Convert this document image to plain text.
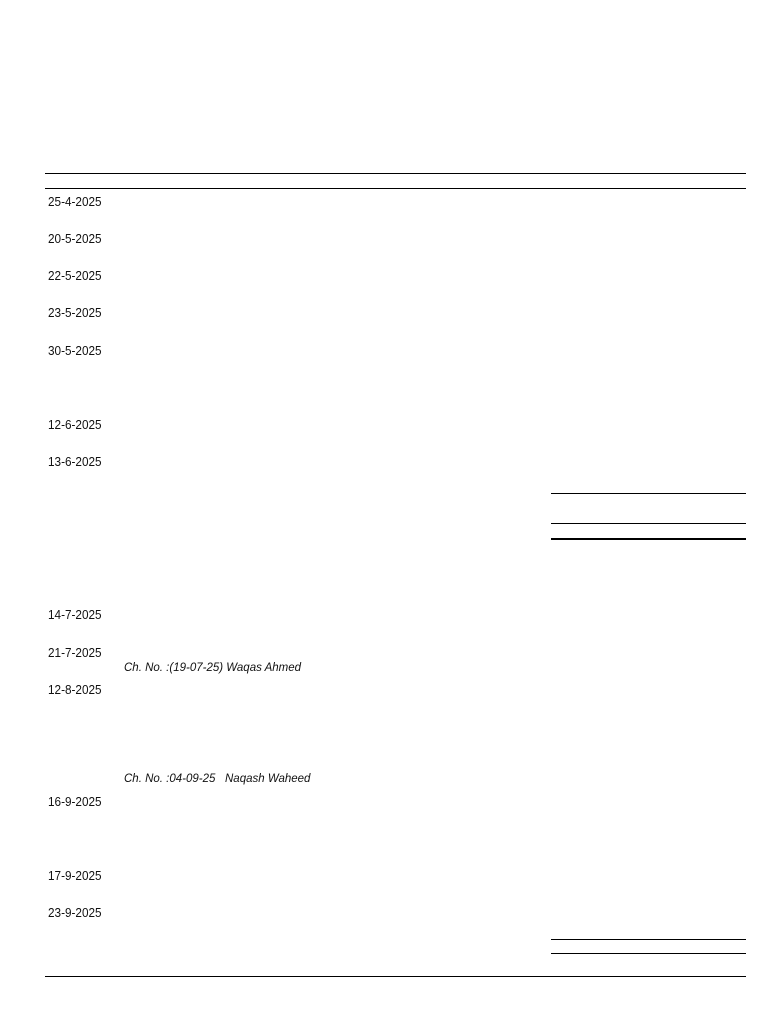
25-4-2025
20-5-2025
22-5-2025
23-5-2025
30-5-2025
12-6-2025
13-6-2025
14-7-2025
21-7-2025
Ch. No. :(19-07-25) Waqas Ahmed
12-8-2025
Ch. No. :04-09-25   Naqash Waheed
16-9-2025
17-9-2025
23-9-2025
